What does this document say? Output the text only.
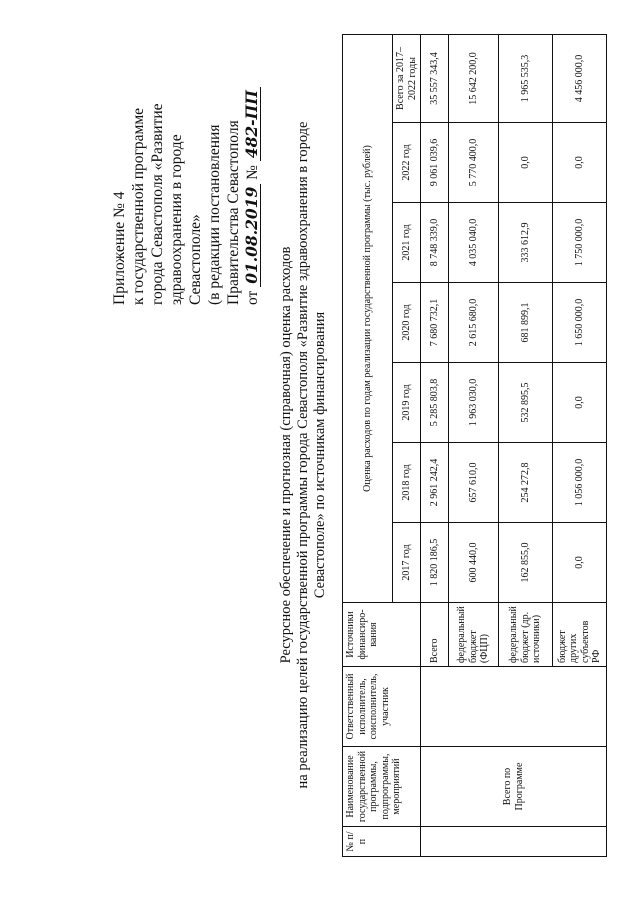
Приложение № 4 к государственной программе города Севастополя «Развитие здравоохранения в городе Севастополе» (в редакции постановления Правительства Севастополя от 01.08.2019 № 482-ПП
Ресурсное обеспечение и прогнозная (справочная) оценка расходов на реализацию целей государственной программы города Севастополя «Развитие здравоохранения в городе Севастополе» по источникам финансирования
№ п/п	Наименование государственной программы, подпрограммы, мероприятий	Ответственный исполнитель, соисполнитель, участник	Источники финансиро-вания	Оценка расходов по годам реализации государственной программы (тыс. рублей)						
				2017 год	2018 год	2019 год	2020 год	2021 год	2022 год	Всего за 2017–2022 годы
	Всего по Программе		Всего	1 820 186,5	2 961 242,4	5 285 803,8	7 680 732,1	8 748 339,0	9 061 039,6	35 557 343,4
			федеральный бюджет (ФЦП)	600 440,0	657 610,0	1 963 030,0	2 615 680,0	4 035 040,0	5 770 400,0	15 642 200,0
			федеральный бюджет (др. источники)	162 855,0	254 272,8	532 895,5	681 899,1	333 612,9	0,0	1 965 535,3
			бюджет других субъектов РФ	0,0	1 056 000,0	0,0	1 650 000,0	1 750 000,0	0,0	4 456 000,0
